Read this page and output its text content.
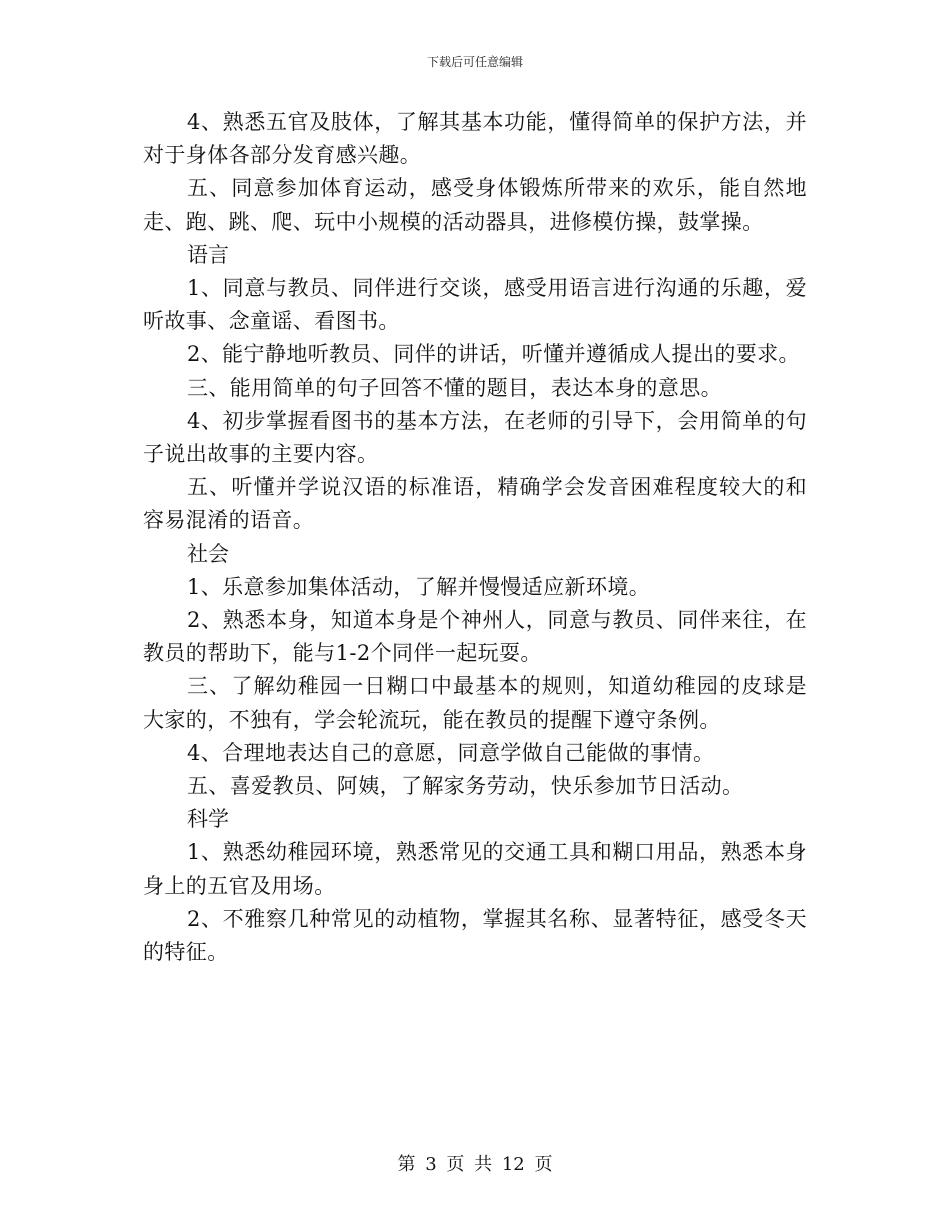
下载后可任意编辑

4、熟悉五官及肢体，了解其基本功能，懂得简单的保护方法，并对于身体各部分发育感兴趣。

五、同意参加体育运动，感受身体锻炼所带来的欢乐，能自然地走、跑、跳、爬、玩中小规模的活动器具，进修模仿操，鼓掌操。

语言

1、同意与教员、同伴进行交谈，感受用语言进行沟通的乐趣，爱听故事、念童谣、看图书。

2、能宁静地听教员、同伴的讲话，听懂并遵循成人提出的要求。

三、能用简单的句子回答不懂的题目，表达本身的意思。

4、初步掌握看图书的基本方法，在老师的引导下，会用简单的句子说出故事的主要内容。

五、听懂并学说汉语的标准语，精确学会发音困难程度较大的和容易混淆的语音。

社会

1、乐意参加集体活动，了解并慢慢适应新环境。

2、熟悉本身，知道本身是个神州人，同意与教员、同伴来往，在教员的帮助下，能与1-2个同伴一起玩耍。

三、了解幼稚园一日糊口中最基本的规则，知道幼稚园的皮球是大家的，不独有，学会轮流玩，能在教员的提醒下遵守条例。

4、合理地表达自己的意愿，同意学做自己能做的事情。

五、喜爱教员、阿姨，了解家务劳动，快乐参加节日活动。

科学

1、熟悉幼稚园环境，熟悉常见的交通工具和糊口用品，熟悉本身身上的五官及用场。

2、不雅察几种常见的动植物，掌握其名称、显著特征，感受冬天的特征。

第 3 页 共 12 页
